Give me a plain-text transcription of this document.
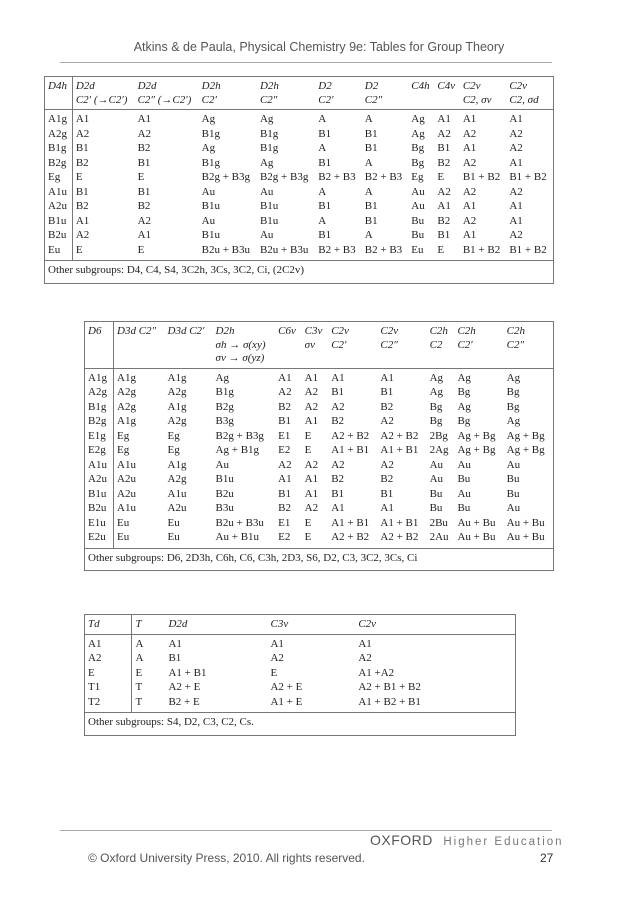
Atkins & de Paula, Physical Chemistry 9e: Tables for Group Theory
D4h	D2d	D2d	D2h	D2h	D2	D2	C4h	C4v	C2v	C2v
	C2′ (→C2′)	C2″ (→C2′)	C2′	C2″	C2′	C2″			C2, σv	C2, σd
A1g	A1	A1	Ag	Ag	A	A	Ag	A1	A1	A1
A2g	A2	A2	B1g	B1g	B1	B1	Ag	A2	A2	A2
B1g	B1	B2	Ag	B1g	A	B1	Bg	B1	A1	A2
B2g	B2	B1	B1g	Ag	B1	A	Bg	B2	A2	A1
Eg	E	E	B2g + B3g	B2g + B3g	B2 + B3	B2 + B3	Eg	E	B1 + B2	B1 + B2
A1u	B1	B1	Au	Au	A	A	Au	A2	A2	A2
A2u	B2	B2	B1u	B1u	B1	B1	Au	A1	A1	A1
B1u	A1	A2	Au	B1u	A	B1	Bu	B2	A2	A1
B2u	A2	A1	B1u	Au	B1	A	Bu	B1	A1	A2
Eu	E	E	B2u + B3u	B2u + B3u	B2 + B3	B2 + B3	Eu	E	B1 + B2	B1 + B2
Other subgroups: D4, C4, S4, 3C2h, 3Cs, 3C2, Ci, (2C2v)										
D6	D3d C2″	D3d C2′	D2h	C6v	C3v	C2v	C2v	C2h	C2h	C2h
			σh → σ(xy)		σv	C2′	C2″	C2	C2′	C2″
			σv → σ(yz)							
A1g	A1g	A1g	Ag	A1	A1	A1	A1	Ag	Ag	Ag
A2g	A2g	A2g	B1g	A2	A2	B1	B1	Ag	Bg	Bg
B1g	A2g	A1g	B2g	B2	A2	A2	B2	Bg	Ag	Bg
B2g	A1g	A2g	B3g	B1	A1	B2	A2	Bg	Bg	Ag
E1g	Eg	Eg	B2g + B3g	E1	E	A2 + B2	A2 + B2	2Bg	Ag + Bg	Ag + Bg
E2g	Eg	Eg	Ag + B1g	E2	E	A1 + B1	A1 + B1	2Ag	Ag + Bg	Ag + Bg
A1u	A1u	A1g	Au	A2	A2	A2	A2	Au	Au	Au
A2u	A2u	A2g	B1u	A1	A1	B2	B2	Au	Bu	Bu
B1u	A2u	A1u	B2u	B1	A1	B1	B1	Bu	Au	Bu
B2u	A1u	A2u	B3u	B2	A2	A1	A1	Bu	Bu	Au
E1u	Eu	Eu	B2u + B3u	E1	E	A1 + B1	A1 + B1	2Bu	Au + Bu	Au + Bu
E2u	Eu	Eu	Au + B1u	E2	E	A2 + B2	A2 + B2	2Au	Au + Bu	Au + Bu
Other subgroups: D6, 2D3h, C6h, C6, C3h, 2D3, S6, D2, C3, 3C2, 3Cs, Ci										
Td	T	D2d	C3v	C2v
A1	A	A1	A1	A1
A2	A	B1	A2	A2
E	E	A1 + B1	E	A1 +A2
T1	T	A2 + E	A2 + E	A2 + B1 + B2
T2	T	B2 + E	A1 + E	A1 + B2 + B1
Other subgroups: S4, D2, C3, C2, Cs.				
OXFORD Higher Education
© Oxford University Press, 2010. All rights reserved.	27
